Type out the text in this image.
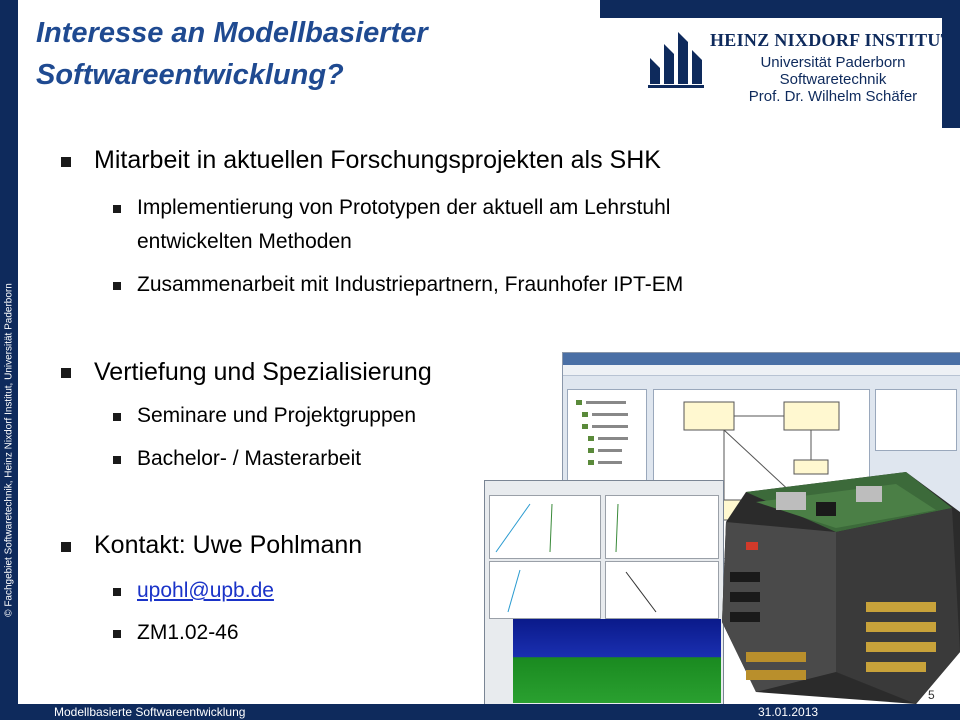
© Fachgebiet Softwaretechnik, Heinz Nixdorf Institut, Universität Paderborn
HEINZ NIXDORF INSTITUT
Universität Paderborn
Softwaretechnik
Prof. Dr. Wilhelm Schäfer
Interesse an Modellbasierter
Softwareentwicklung?
Mitarbeit in aktuellen Forschungsprojekten als SHK
Implementierung von Prototypen der aktuell am Lehrstuhl
entwickelten Methoden
Zusammenarbeit mit Industriepartnern, Fraunhofer IPT-EM
Vertiefung und Spezialisierung
Seminare und Projektgruppen
Bachelor- / Masterarbeit
Kontakt: Uwe Pohlmann
upohl@upb.de
ZM1.02-46
Modellbasierte Softwareentwicklung	31.01.2013
5
